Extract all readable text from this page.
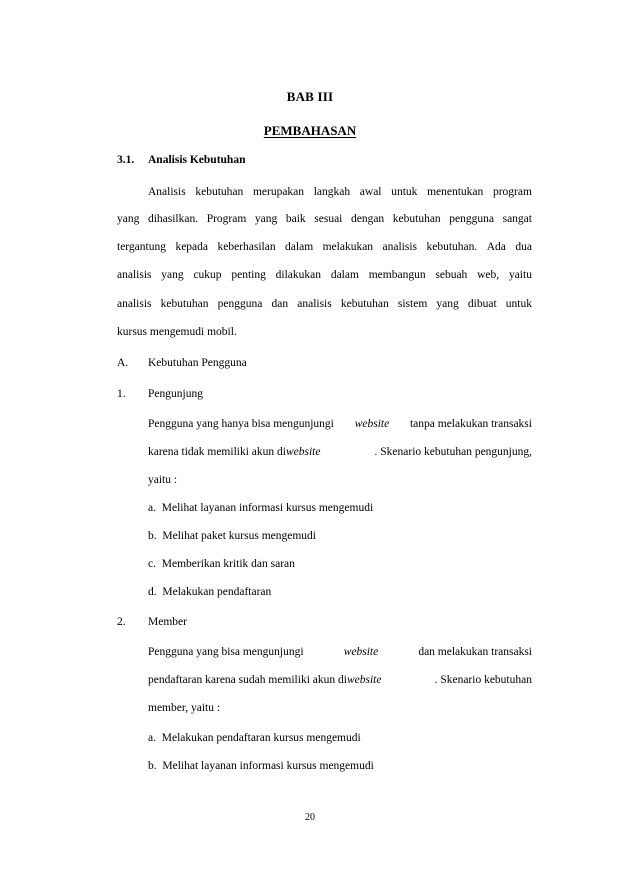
BAB III
PEMBAHASAN
3.1. Analisis Kebutuhan
Analisis kebutuhan merupakan langkah awal untuk menentukan program
yang dihasilkan. Program yang baik sesuai dengan kebutuhan pengguna sangat
tergantung kepada keberhasilan dalam melakukan analisis kebutuhan. Ada dua
analisis yang cukup penting dilakukan dalam membangun sebuah web, yaitu
analisis kebutuhan pengguna dan analisis kebutuhan sistem yang dibuat untuk
kursus mengemudi mobil.
A. Kebutuhan Pengguna
1. Pengunjung
Pengguna yang hanya bisa mengunjungi website tanpa melakukan transaksi
karena tidak memiliki akun diwebsite	. Skenario kebutuhan pengunjung,
yaitu :
a. Melihat layanan informasi kursus mengemudi
b. Melihat paket kursus mengemudi
c. Memberikan kritik dan saran
d. Melakukan pendaftaran
2. Member
Pengguna yang bisa mengunjungi	website	dan melakukan transaksi
pendaftaran karena sudah memiliki akun diwebsite	. Skenario kebutuhan
member, yaitu :
a. Melakukan pendaftaran kursus mengemudi
b. Melihat layanan informasi kursus mengemudi
20
